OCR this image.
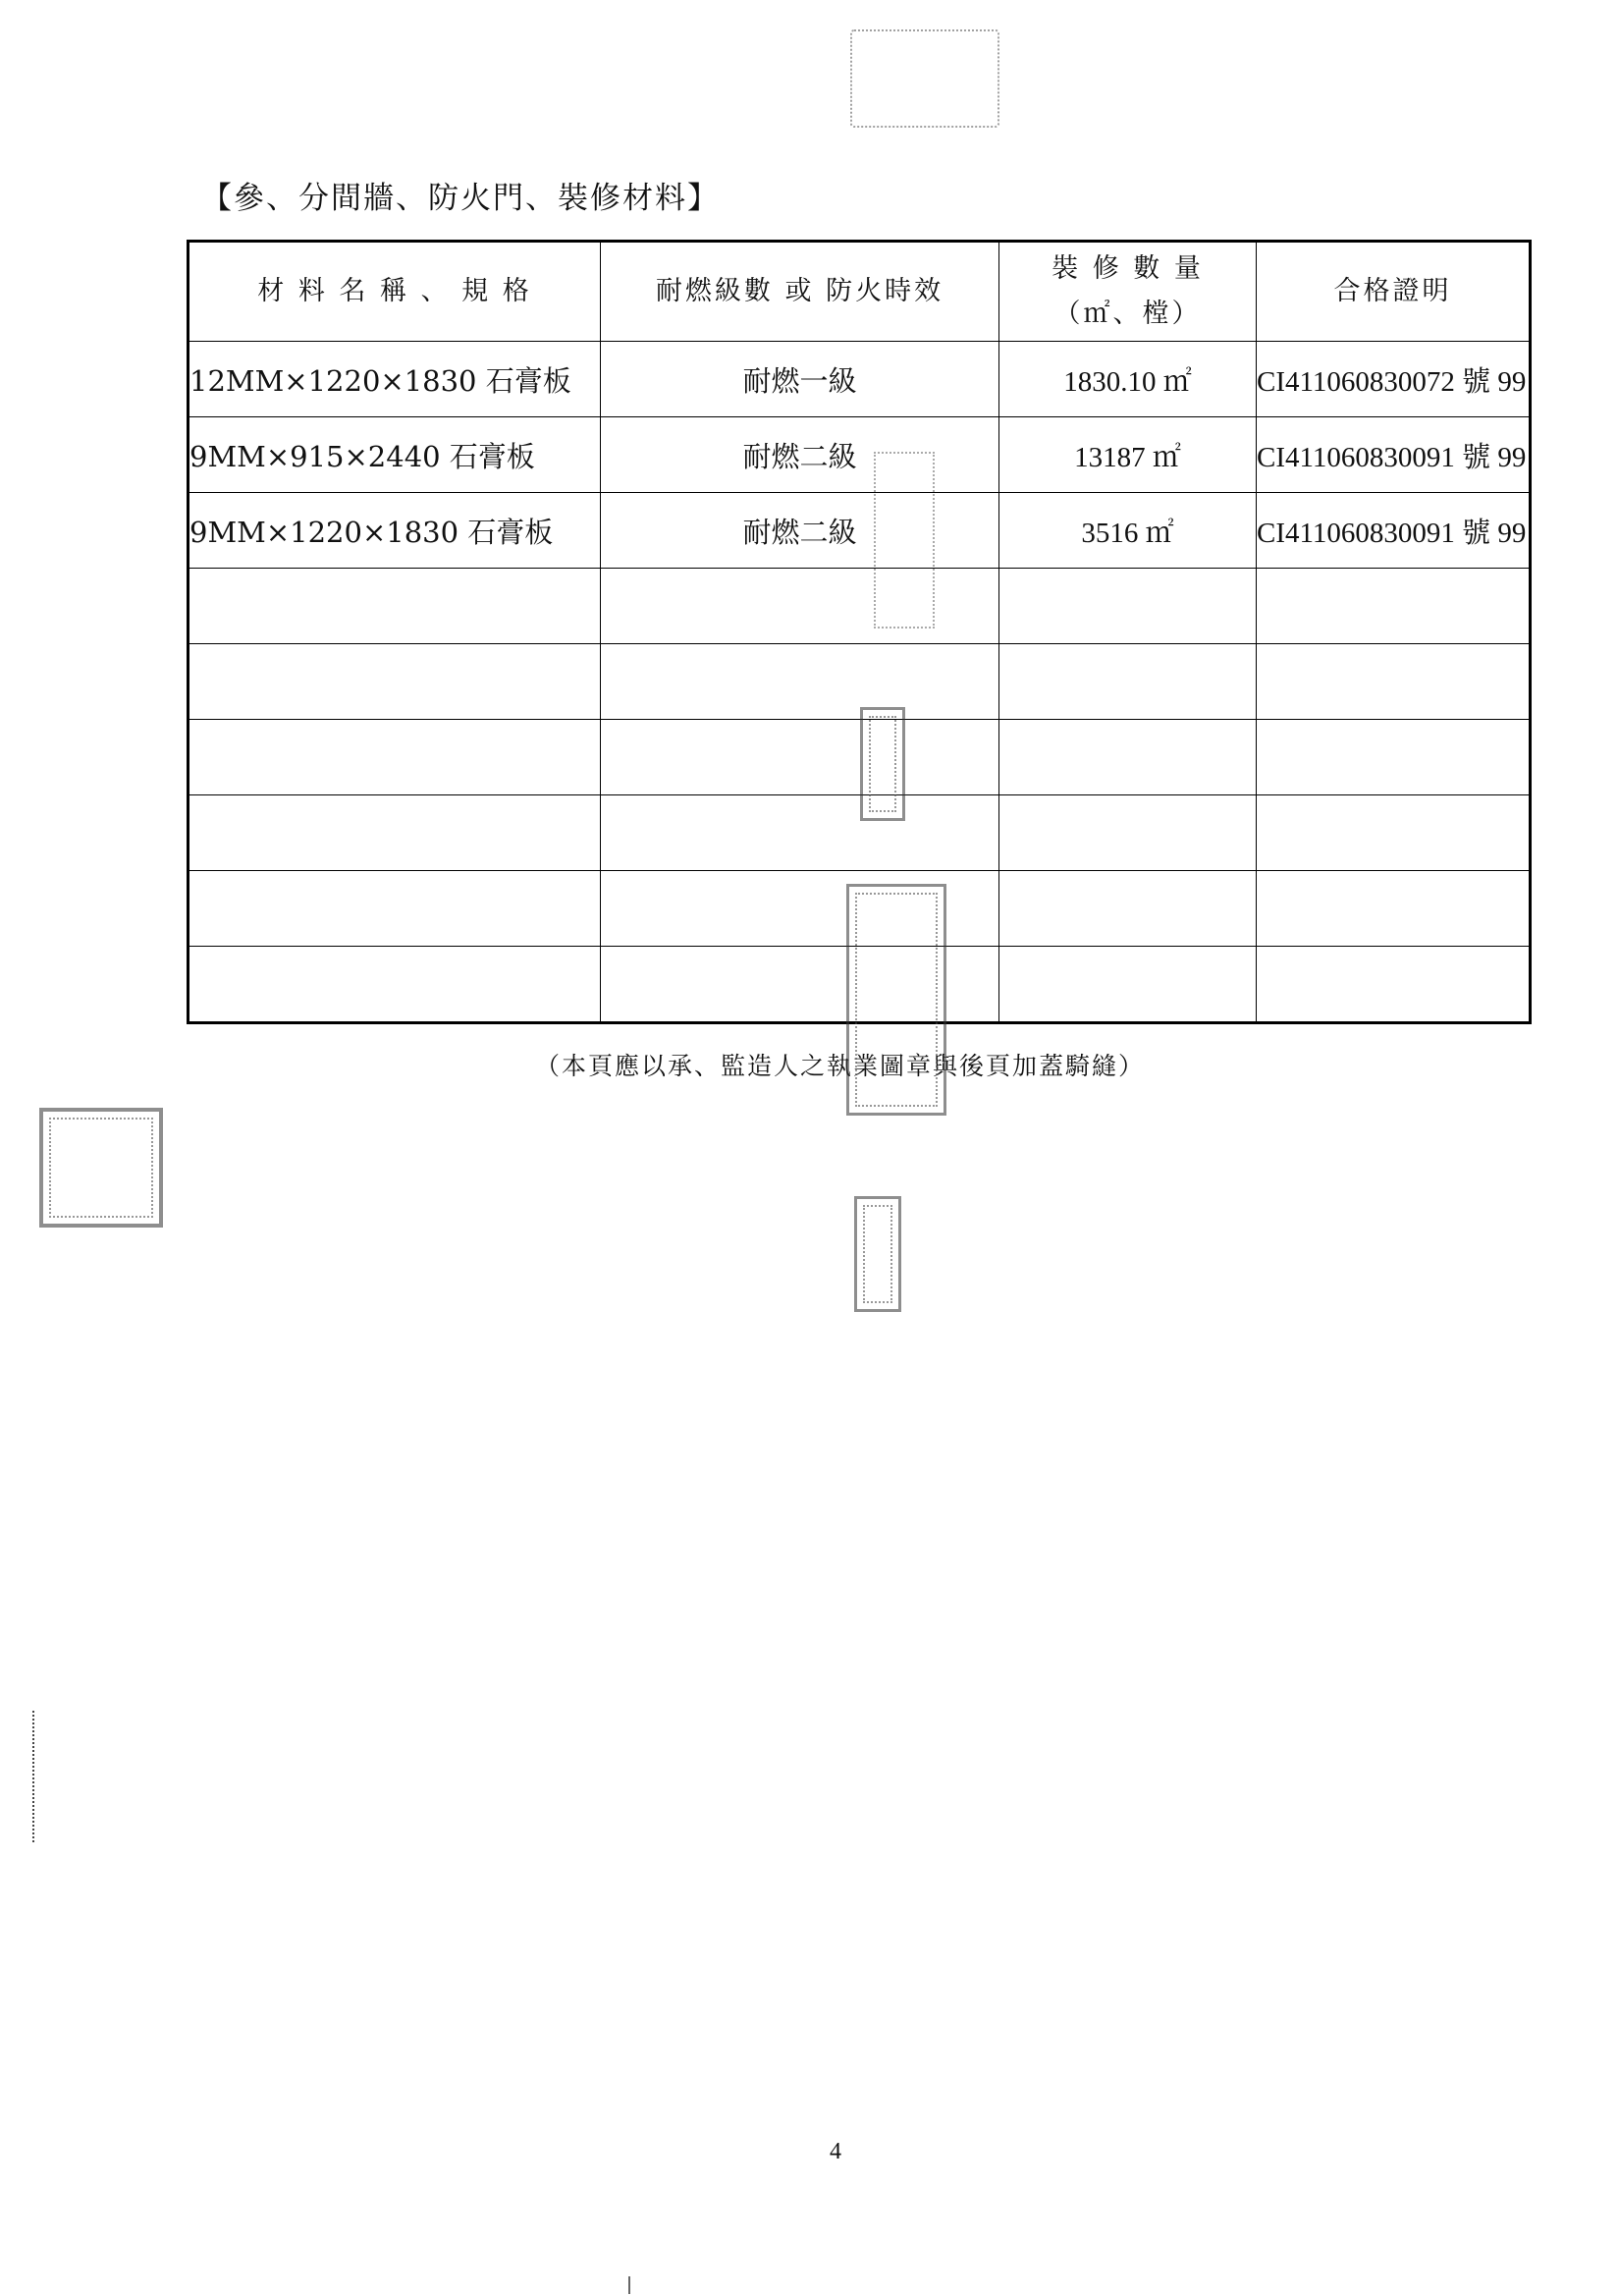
【參、分間牆、防火門、裝修材料】
材 料 名 稱 、 規 格	耐燃級數 或 防火時效	裝 修 數 量
（㎡、樘）	合格證明
12MM×1220×1830 石膏板	耐燃一級	1830.10 ㎡	CI411060830072 號 99
9MM×915×2440 石膏板	耐燃二級	13187 ㎡	CI411060830091 號 99
9MM×1220×1830 石膏板	耐燃二級	3516 ㎡	CI411060830091 號 99

（本頁應以承、監造人之執業圖章與後頁加蓋騎縫）
4
